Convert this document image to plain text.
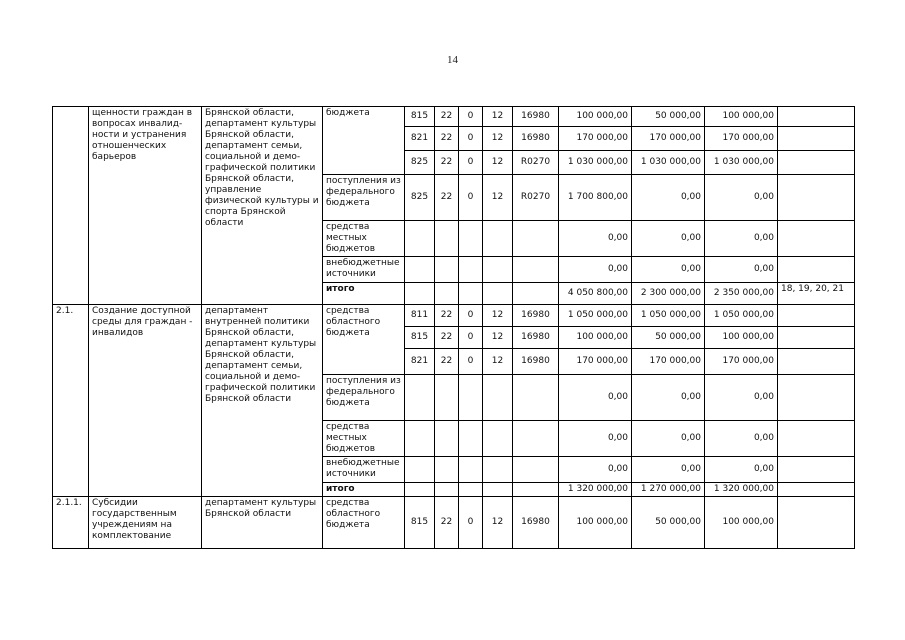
14
	щенности граждан в вопросах инвалид-ности и устранения отношенческих барьеров	Брянской области, департамент культуры Брянской области, департамент семьи, социальной и демо-графической политики Брянской области, управление физической культуры и спорта Брянской области	бюджета	815	22	0	12	16980	100 000,00	50 000,00	100 000,00	
				821	22	0	12	16980	170 000,00	170 000,00	170 000,00	
				825	22	0	12	R0270	1 030 000,00	1 030 000,00	1 030 000,00	
			поступления из федерального бюджета	825	22	0	12	R0270	1 700 800,00	0,00	0,00	
			средства местных бюджетов						0,00	0,00	0,00	
			внебюджетные источники						0,00	0,00	0,00	
			итого						4 050 800,00	2 300 000,00	2 350 000,00	18, 19, 20, 21
2.1.	Создание доступной среды для граждан - инвалидов	департамент внутренней политики Брянской области, департамент культуры Брянской области, департамент семьи, социальной и демо-графической политики Брянской области	средства областного бюджета	811	22	0	12	16980	1 050 000,00	1 050 000,00	1 050 000,00	
				815	22	0	12	16980	100 000,00	50 000,00	100 000,00	
				821	22	0	12	16980	170 000,00	170 000,00	170 000,00	
			поступления из федерального бюджета						0,00	0,00	0,00	
			средства местных бюджетов						0,00	0,00	0,00	
			внебюджетные источники						0,00	0,00	0,00	
			итого						1 320 000,00	1 270 000,00	1 320 000,00	
2.1.1.	Субсидии государственным учреждениям на комплектование	департамент культуры Брянской области	средства областного бюджета	815	22	0	12	16980	100 000,00	50 000,00	100 000,00	
